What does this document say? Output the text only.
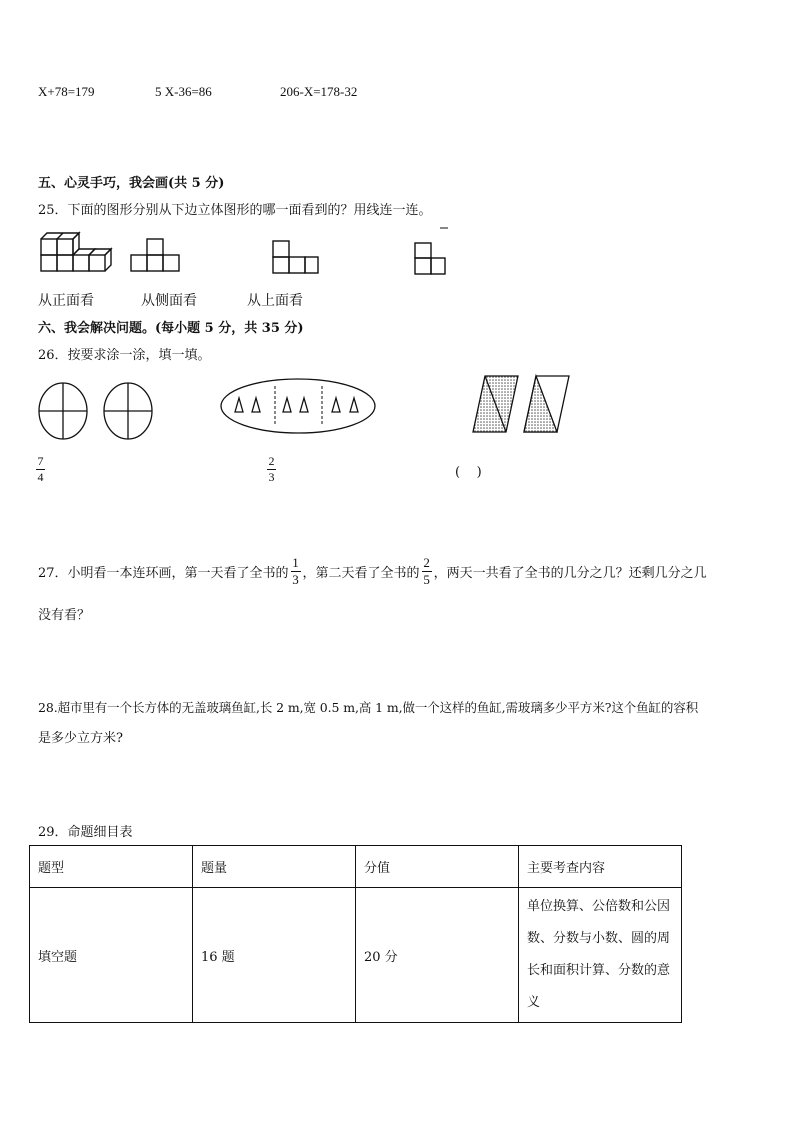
X+78=179	5 X-36=86	206-X=178-32
五、心灵手巧，我会画(共 5 分)
25．下面的图形分别从下边立体图形的哪一面看到的？用线连一连。
从正面看	从侧面看	从上面看
六、我会解决问题。(每小题 5 分，共 35 分)
26．按要求涂一涂，填一填。
7
4
2
3	(    )
27．小明看一本连环画，第一天看了全书的
1
3 ，第二天看了全书的
2
5 ，两天一共看了全书的几分之几？还剩几分之几
没有看？
28.超市里有一个长方体的无盖玻璃鱼缸,长 2 m,宽 0.5 m,高 1 m,做一个这样的鱼缸,需玻璃多少平方米?这个鱼缸的容积
是多少立方米?
29．命题细目表
题型	题量	分值	主要考查内容
填空题	16 题	20 分	单位换算、公倍数和公因数、分数与小数、圆的周长和面积计算、分数的意义
